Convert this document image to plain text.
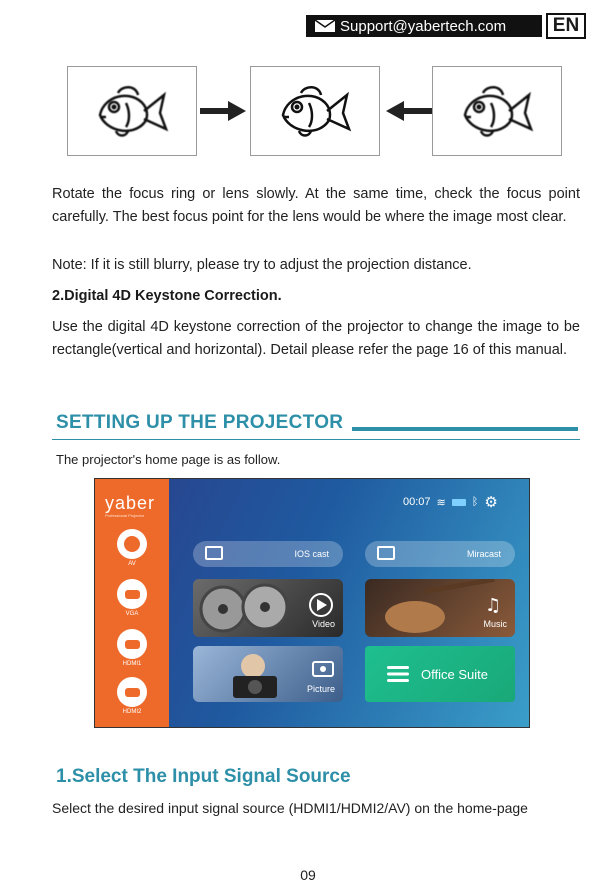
Support@yabertech.com	EN
Rotate the focus ring or lens slowly. At the same time, check the focus point carefully. The best focus point for the lens would be where the image most clear.
Note: If it is still blurry, please try to adjust the projection distance.
2.Digital 4D Keystone Correction.
Use the digital 4D keystone correction of the projector to change the image to be rectangle(vertical and horizontal). Detail please refer the page 16 of this manual.
SETTING UP THE PROJECTOR
The projector's home page is as follow.
yaber
Professional Projector
AV
VGA
HDMI1
HDMI2
00:07 ≋ ᛒ ⚙
IOS cast	Miracast
Video
♫
Music
Picture
Office Suite
1.Select The Input Signal Source
Select the desired input signal source (HDMI1/HDMI2/AV) on the home-page
09
